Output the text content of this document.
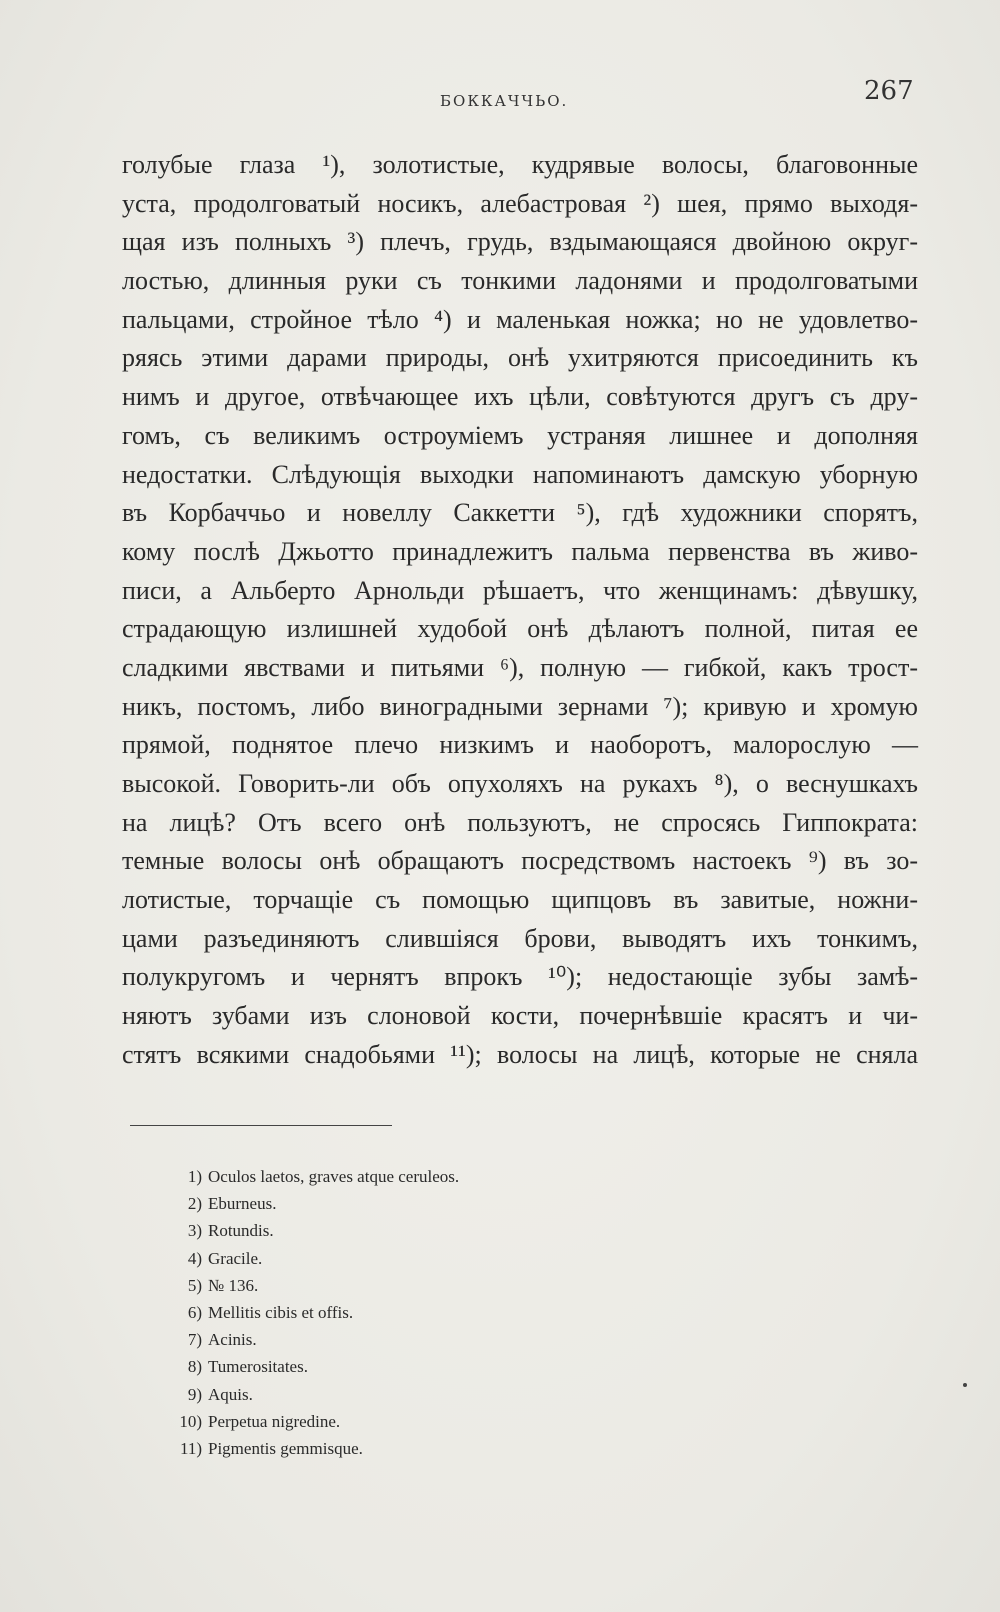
БОККАЧЧЬО.	267
голубые глаза ¹), золотистые, кудрявые волосы, благовонные
уста, продолговатый носикъ, алебастровая ²) шея, прямо выходя-
щая изъ полныхъ ³) плечъ, грудь, вздымающаяся двойною округ-
лостью, длинныя руки съ тонкими ладонями и продолговатыми
пальцами, стройное тѣло ⁴) и маленькая ножка; но не удовлетво-
ряясь этими дарами природы, онѣ ухитряются присоединить къ
нимъ и другое, отвѣчающее ихъ цѣли, совѣтуются другъ съ дру-
гомъ, съ великимъ остроуміемъ устраняя лишнее и дополняя
недостатки. Слѣдующія выходки напоминаютъ дамскую уборную
въ Корбаччьо и новеллу Саккетти ⁵), гдѣ художники спорятъ,
кому послѣ Джьотто принадлежитъ пальма первенства въ живо-
писи, а Альберто Арнольди рѣшаетъ, что женщинамъ: дѣвушку,
страдающую излишней худобой онѣ дѣлаютъ полной, питая ее
сладкими явствами и питьями ⁶), полную — гибкой, какъ трост-
никъ, постомъ, либо виноградными зернами ⁷); кривую и хромую
прямой, поднятое плечо низкимъ и наоборотъ, малорослую —
высокой. Говорить-ли объ опухоляхъ на рукахъ ⁸), о веснушкахъ
на лицѣ? Отъ всего онѣ пользуютъ, не спросясь Гиппократа:
темные волосы онѣ обращаютъ посредствомъ настоекъ ⁹) въ зо-
лотистые, торчащіе съ помощью щипцовъ въ завитые, ножни-
цами разъединяютъ слившіяся брови, выводятъ ихъ тонкимъ,
полукругомъ и чернятъ впрокъ ¹⁰); недостающіе зубы замѣ-
няютъ зубами изъ слоновой кости, почернѣвшіе красятъ и чи-
стятъ всякими снадобьями ¹¹); волосы на лицѣ, которые не сняла
1) Oculos laetos, graves atque ceruleos.
2) Eburneus.
3) Rotundis.
4) Gracile.
5) № 136.
6) Mellitis cibis et offis.
7) Acinis.
8) Tumerositates.
9) Aquis.
10) Perpetua nigredine.
11) Pigmentis gemmisque.
